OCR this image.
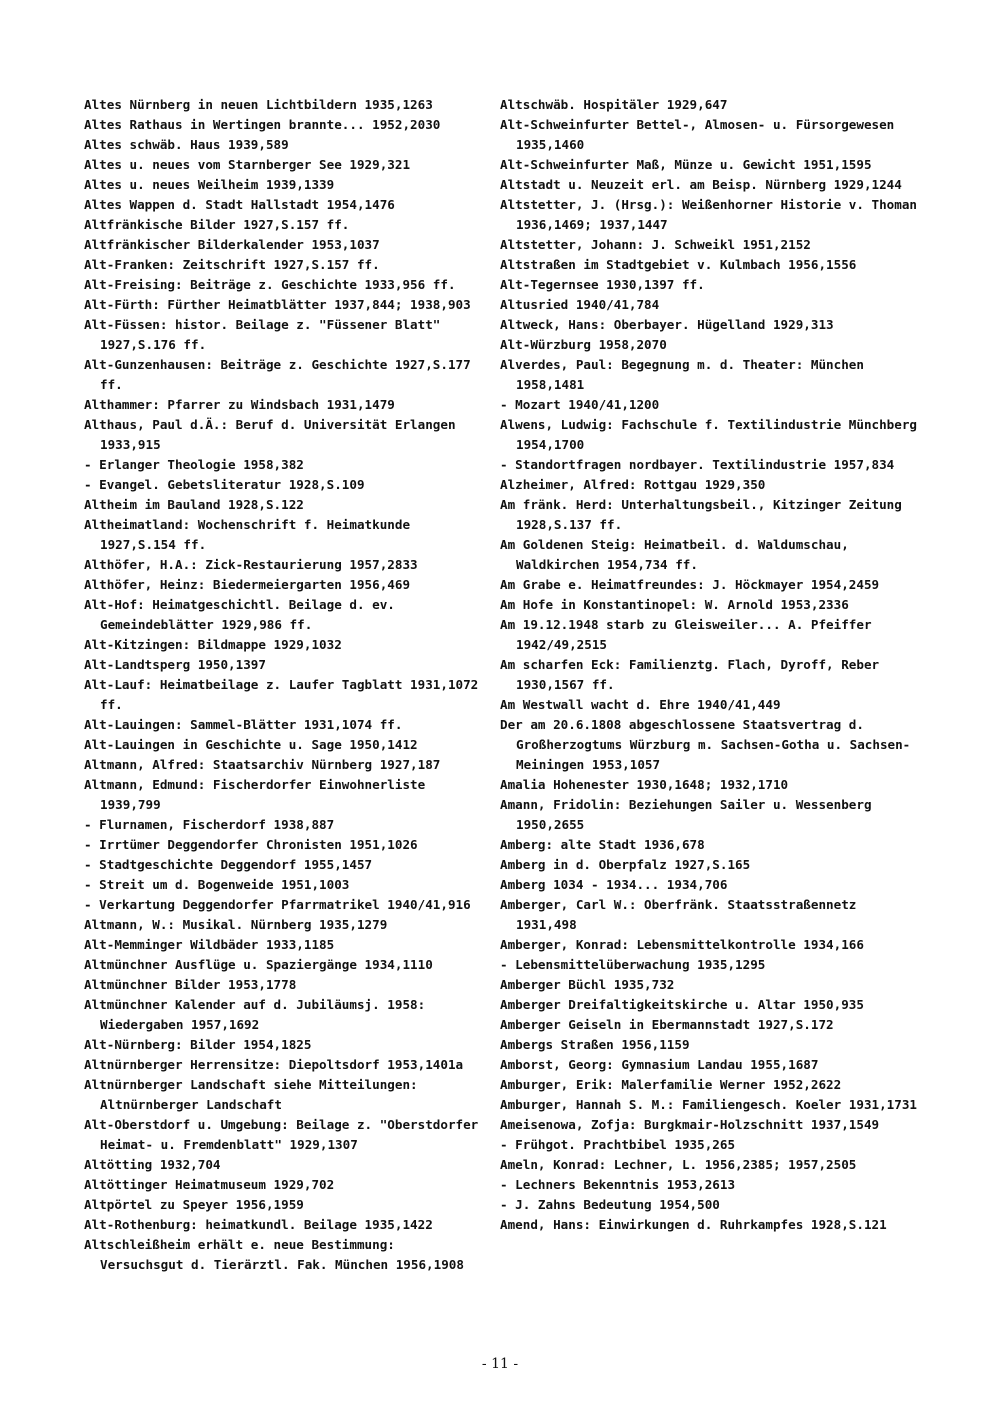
Altes Nürnberg in neuen Lichtbildern 1935,1263
Altes Rathaus in Wertingen brannte... 1952,2030
Altes schwäb. Haus 1939,589
Altes u. neues vom Starnberger See 1929,321
Altes u. neues Weilheim 1939,1339
Altes Wappen d. Stadt Hallstadt 1954,1476
Altfränkische Bilder 1927,S.157 ff.
Altfränkischer Bilderkalender 1953,1037
Alt-Franken: Zeitschrift 1927,S.157 ff.
Alt-Freising: Beiträge z. Geschichte 1933,956 ff.
Alt-Fürth: Fürther Heimatblätter 1937,844; 1938,903
Alt-Füssen: histor. Beilage z. "Füssener Blatt" 1927,S.176 ff.
Alt-Gunzenhausen: Beiträge z. Geschichte 1927,S.177 ff.
Althammer: Pfarrer zu Windsbach 1931,1479
Althaus, Paul d.Ä.: Beruf d. Universität Erlangen 1933,915
- Erlanger Theologie 1958,382
- Evangel. Gebetsliteratur 1928,S.109
Altheim im Bauland 1928,S.122
Altheimatland: Wochenschrift f. Heimatkunde 1927,S.154 ff.
Althöfer, H.A.: Zick-Restaurierung 1957,2833
Althöfer, Heinz: Biedermeiergarten 1956,469
Alt-Hof: Heimatgeschichtl. Beilage d. ev. Gemeindeblätter 1929,986 ff.
Alt-Kitzingen: Bildmappe 1929,1032
Alt-Landtsperg 1950,1397
Alt-Lauf: Heimatbeilage z. Laufer Tagblatt 1931,1072 ff.
Alt-Lauingen: Sammel-Blätter 1931,1074 ff.
Alt-Lauingen in Geschichte u. Sage 1950,1412
Altmann, Alfred: Staatsarchiv Nürnberg 1927,187
Altmann, Edmund: Fischerdorfer Einwohnerliste 1939,799
- Flurnamen, Fischerdorf 1938,887
- Irrtümer Deggendorfer Chronisten 1951,1026
- Stadtgeschichte Deggendorf 1955,1457
- Streit um d. Bogenweide 1951,1003
- Verkartung Deggendorfer Pfarrmatrikel 1940/41,916
Altmann, W.: Musikal. Nürnberg 1935,1279
Alt-Memminger Wildbäder 1933,1185
Altmünchner Ausflüge u. Spaziergänge 1934,1110
Altmünchner Bilder 1953,1778
Altmünchner Kalender auf d. Jubiläumsj. 1958: Wiedergaben 1957,1692
Alt-Nürnberg: Bilder 1954,1825
Altnürnberger Herrensitze: Diepoltsdorf 1953,1401a
Altnürnberger Landschaft siehe Mitteilungen: Altnürnberger Landschaft
Alt-Oberstdorf u. Umgebung: Beilage z. "Oberstdorfer Heimat- u. Fremdenblatt" 1929,1307
Altötting 1932,704
Altöttinger Heimatmuseum 1929,702
Altpörtel zu Speyer 1956,1959
Alt-Rothenburg: heimatkundl. Beilage 1935,1422
Altschleißheim erhält e. neue Bestimmung: Versuchsgut d. Tierärztl. Fak. München 1956,1908
Altschwäb. Hospitäler 1929,647
Alt-Schweinfurter Bettel-, Almosen- u. Fürsorgewesen 1935,1460
Alt-Schweinfurter Maß, Münze u. Gewicht 1951,1595
Altstadt u. Neuzeit erl. am Beisp. Nürnberg 1929,1244
Altstetter, J. (Hrsg.): Weißenhorner Historie v. Thoman 1936,1469; 1937,1447
Altstetter, Johann: J. Schweikl 1951,2152
Altstraßen im Stadtgebiet v. Kulmbach 1956,1556
Alt-Tegernsee 1930,1397 ff.
Altusried 1940/41,784
Altweck, Hans: Oberbayer. Hügelland 1929,313
Alt-Würzburg 1958,2070
Alverdes, Paul: Begegnung m. d. Theater: München 1958,1481
- Mozart 1940/41,1200
Alwens, Ludwig: Fachschule f. Textilindustrie Münchberg 1954,1700
- Standortfragen nordbayer. Textilindustrie 1957,834
Alzheimer, Alfred: Rottgau 1929,350
Am fränk. Herd: Unterhaltungsbeil., Kitzinger Zeitung 1928,S.137 ff.
Am Goldenen Steig: Heimatbeil. d. Waldumschau, Waldkirchen 1954,734 ff.
Am Grabe e. Heimatfreundes: J. Höckmayer 1954,2459
Am Hofe in Konstantinopel: W. Arnold 1953,2336
Am 19.12.1948 starb zu Gleisweiler... A. Pfeiffer 1942/49,2515
Am scharfen Eck: Familienztg. Flach, Dyroff, Reber 1930,1567 ff.
Am Westwall wacht d. Ehre 1940/41,449
Der am 20.6.1808 abgeschlossene Staatsvertrag d. Großherzogtums Würzburg m. Sachsen-Gotha u. Sachsen-Meiningen 1953,1057
Amalia Hohenester 1930,1648; 1932,1710
Amann, Fridolin: Beziehungen Sailer u. Wessenberg 1950,2655
Amberg: alte Stadt 1936,678
Amberg in d. Oberpfalz 1927,S.165
Amberg 1034 - 1934... 1934,706
Amberger, Carl W.: Oberfränk. Staatsstraßennetz 1931,498
Amberger, Konrad: Lebensmittelkontrolle 1934,166
- Lebensmittelüberwachung 1935,1295
Amberger Büchl 1935,732
Amberger Dreifaltigkeitskirche u. Altar 1950,935
Amberger Geiseln in Ebermannstadt 1927,S.172
Ambergs Straßen 1956,1159
Amborst, Georg: Gymnasium Landau 1955,1687
Amburger, Erik: Malerfamilie Werner 1952,2622
Amburger, Hannah S. M.: Familiengesch. Koeler 1931,1731
Ameisenowa, Zofja: Burgkmair-Holzschnitt 1937,1549
- Frühgot. Prachtbibel 1935,265
Ameln, Konrad: Lechner, L. 1956,2385; 1957,2505
- Lechners Bekenntnis 1953,2613
- J. Zahns Bedeutung 1954,500
Amend, Hans: Einwirkungen d. Ruhrkampfes 1928,S.121
- 11 -
